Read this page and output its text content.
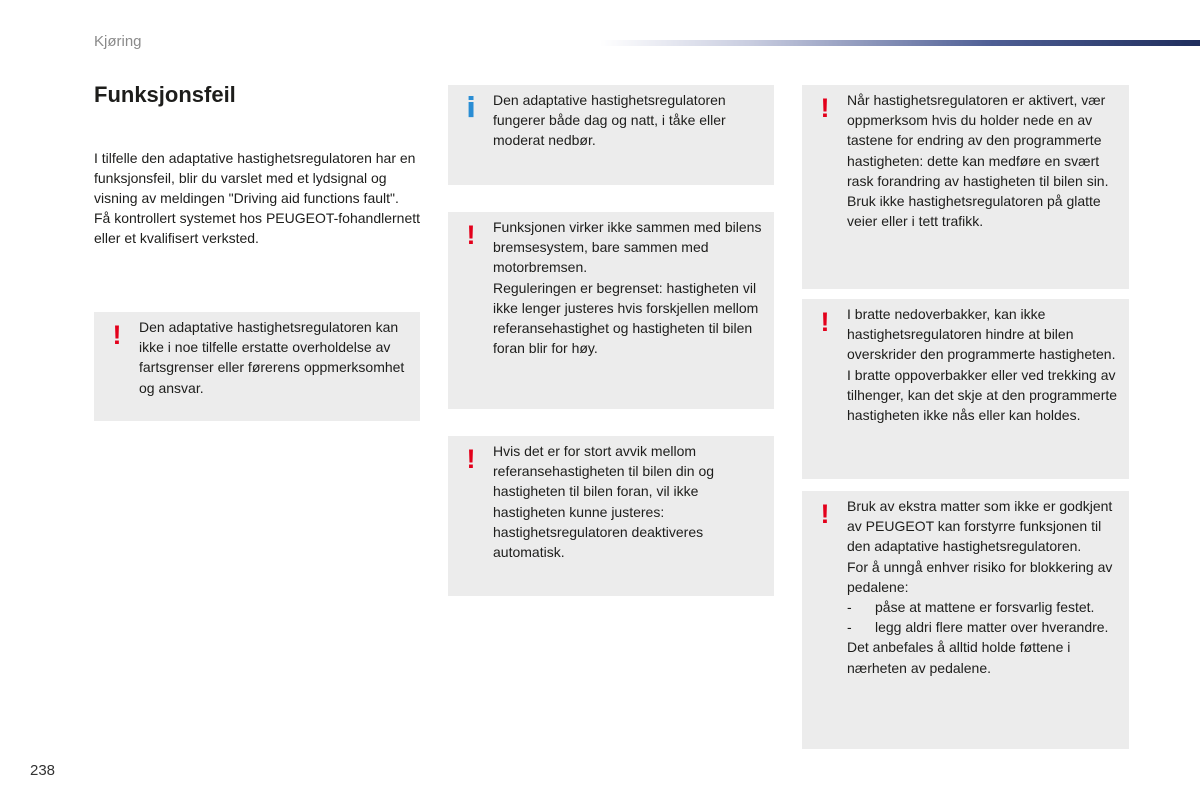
Kjøring
Funksjonsfeil

I tilfelle den adaptative hastighetsregulatoren har en funksjonsfeil, blir du varslet med et lydsignal og visning av meldingen "Driving aid functions fault".

Få kontrollert systemet hos PEUGEOT-fohandlernett eller et kvalifisert verksted.

! Den adaptative hastighetsregulatoren kan ikke i noe tilfelle erstatte overholdelse av fartsgrenser eller førerens oppmerksomhet og ansvar.

i Den adaptative hastighetsregulatoren fungerer både dag og natt, i tåke eller moderat nedbør.

! Funksjonen virker ikke sammen med bilens bremsesystem, bare sammen med motorbremsen.

Reguleringen er begrenset: hastigheten vil ikke lenger justeres hvis forskjellen mellom referansehastighet og hastigheten til bilen foran blir for høy.

! Hvis det er for stort avvik mellom referansehastigheten til bilen din og hastigheten til bilen foran, vil ikke hastigheten kunne justeres: hastighetsregulatoren deaktiveres automatisk.

! Når hastighetsregulatoren er aktivert, vær oppmerksom hvis du holder nede en av tastene for endring av den programmerte hastigheten: dette kan medføre en svært rask forandring av hastigheten til bilen sin.

Bruk ikke hastighetsregulatoren på glatte veier eller i tett trafikk.

! I bratte nedoverbakker, kan ikke hastighetsregulatoren hindre at bilen overskrider den programmerte hastigheten.

I bratte oppoverbakker eller ved trekking av tilhenger, kan det skje at den programmerte hastigheten ikke nås eller kan holdes.

! Bruk av ekstra matter som ikke er godkjent av PEUGEOT kan forstyrre funksjonen til den adaptative hastighetsregulatoren.

For å unngå enhver risiko for blokkering av pedalene:

- påse at mattene er forsvarlig festet.
- legg aldri flere matter over hverandre.

Det anbefales å alltid holde føttene i nærheten av pedalene.

238
